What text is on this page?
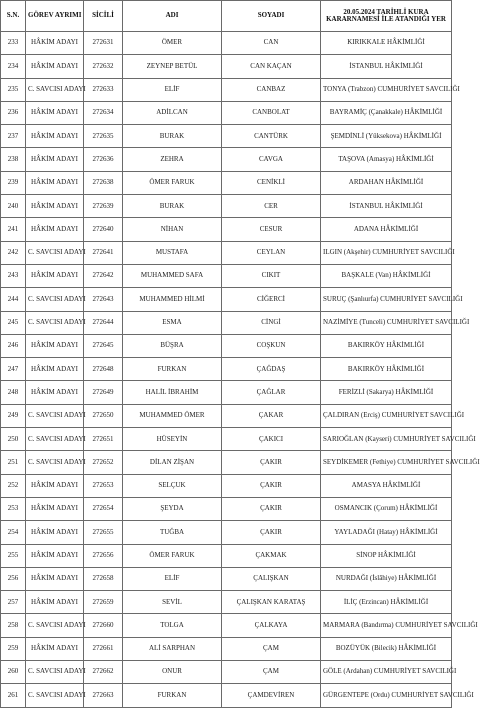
S.N.	GÖREV AYRIMI	SİCİLİ	ADI	SOYADI	20.05.2024 TARİHLİ KURA KARARNAMESİ İLE ATANDIĞI YER
233	HÂKİM ADAYI	272631	ÖMER	CAN	KIRIKKALE HÂKİMLİĞİ
234	HÂKİM ADAYI	272632	ZEYNEP BETÜL	CAN KAÇAN	İSTANBUL HÂKİMLİĞİ
235	C. SAVCISI ADAYI	272633	ELİF	CANBAZ	TONYA (Trabzon) CUMHURİYET SAVCILIĞI
236	HÂKİM ADAYI	272634	ADİLCAN	CANBOLAT	BAYRAMİÇ (Çanakkale) HÂKİMLİĞİ
237	HÂKİM ADAYI	272635	BURAK	CANTÜRK	ŞEMDİNLİ (Yüksekova) HÂKİMLİĞİ
238	HÂKİM ADAYI	272636	ZEHRA	CAVGA	TAŞOVA (Amasya) HÂKİMLİĞİ
239	HÂKİM ADAYI	272638	ÖMER FARUK	CENİKLİ	ARDAHAN HÂKİMLİĞİ
240	HÂKİM ADAYI	272639	BURAK	CER	İSTANBUL HÂKİMLİĞİ
241	HÂKİM ADAYI	272640	NİHAN	CESUR	ADANA HÂKİMLİĞİ
242	C. SAVCISI ADAYI	272641	MUSTAFA	CEYLAN	ILGIN (Akşehir) CUMHURİYET SAVCILIĞI
243	HÂKİM ADAYI	272642	MUHAMMED SAFA	CIKIT	BAŞKALE (Van) HÂKİMLİĞİ
244	C. SAVCISI ADAYI	272643	MUHAMMED HİLMİ	CİĞERCİ	SURUÇ (Şanlıurfa) CUMHURİYET SAVCILIĞI
245	C. SAVCISI ADAYI	272644	ESMA	CİNGİ	NAZİMİYE (Tunceli) CUMHURİYET SAVCILIĞI
246	HÂKİM ADAYI	272645	BÜŞRA	COŞKUN	BAKIRKÖY HÂKİMLİĞİ
247	HÂKİM ADAYI	272648	FURKAN	ÇAĞDAŞ	BAKIRKÖY HÂKİMLİĞİ
248	HÂKİM ADAYI	272649	HALİL İBRAHİM	ÇAĞLAR	FERİZLİ (Sakarya) HÂKİMLİĞİ
249	C. SAVCISI ADAYI	272650	MUHAMMED ÖMER	ÇAKAR	ÇALDIRAN (Erciş) CUMHURİYET SAVCILIĞI
250	C. SAVCISI ADAYI	272651	HÜSEYİN	ÇAKICI	SARIOĞLAN (Kayseri) CUMHURİYET SAVCILIĞI
251	C. SAVCISI ADAYI	272652	DİLAN ZİŞAN	ÇAKIR	SEYDİKEMER (Fethiye) CUMHURİYET SAVCILIĞI
252	HÂKİM ADAYI	272653	SELÇUK	ÇAKIR	AMASYA HÂKİMLİĞİ
253	HÂKİM ADAYI	272654	ŞEYDA	ÇAKIR	OSMANCIK (Çorum) HÂKİMLİĞİ
254	HÂKİM ADAYI	272655	TUĞBA	ÇAKIR	YAYLADAĞI (Hatay) HÂKİMLİĞİ
255	HÂKİM ADAYI	272656	ÖMER FARUK	ÇAKMAK	SİNOP HÂKİMLİĞİ
256	HÂKİM ADAYI	272658	ELİF	ÇALIŞKAN	NURDAĞI (İslâhiye) HÂKİMLİĞİ
257	HÂKİM ADAYI	272659	SEVİL	ÇALIŞKAN KARATAŞ	İLİÇ (Erzincan) HÂKİMLİĞİ
258	C. SAVCISI ADAYI	272660	TOLGA	ÇALKAYA	MARMARA (Bandırma) CUMHURİYET SAVCILIĞI
259	HÂKİM ADAYI	272661	ALİ SARPHAN	ÇAM	BOZÜYÜK (Bilecik) HÂKİMLİĞİ
260	C. SAVCISI ADAYI	272662	ONUR	ÇAM	GÖLE (Ardahan) CUMHURİYET SAVCILIĞI
261	C. SAVCISI ADAYI	272663	FURKAN	ÇAMDEVİREN	GÜRGENTEPE (Ordu) CUMHURİYET SAVCILIĞI
